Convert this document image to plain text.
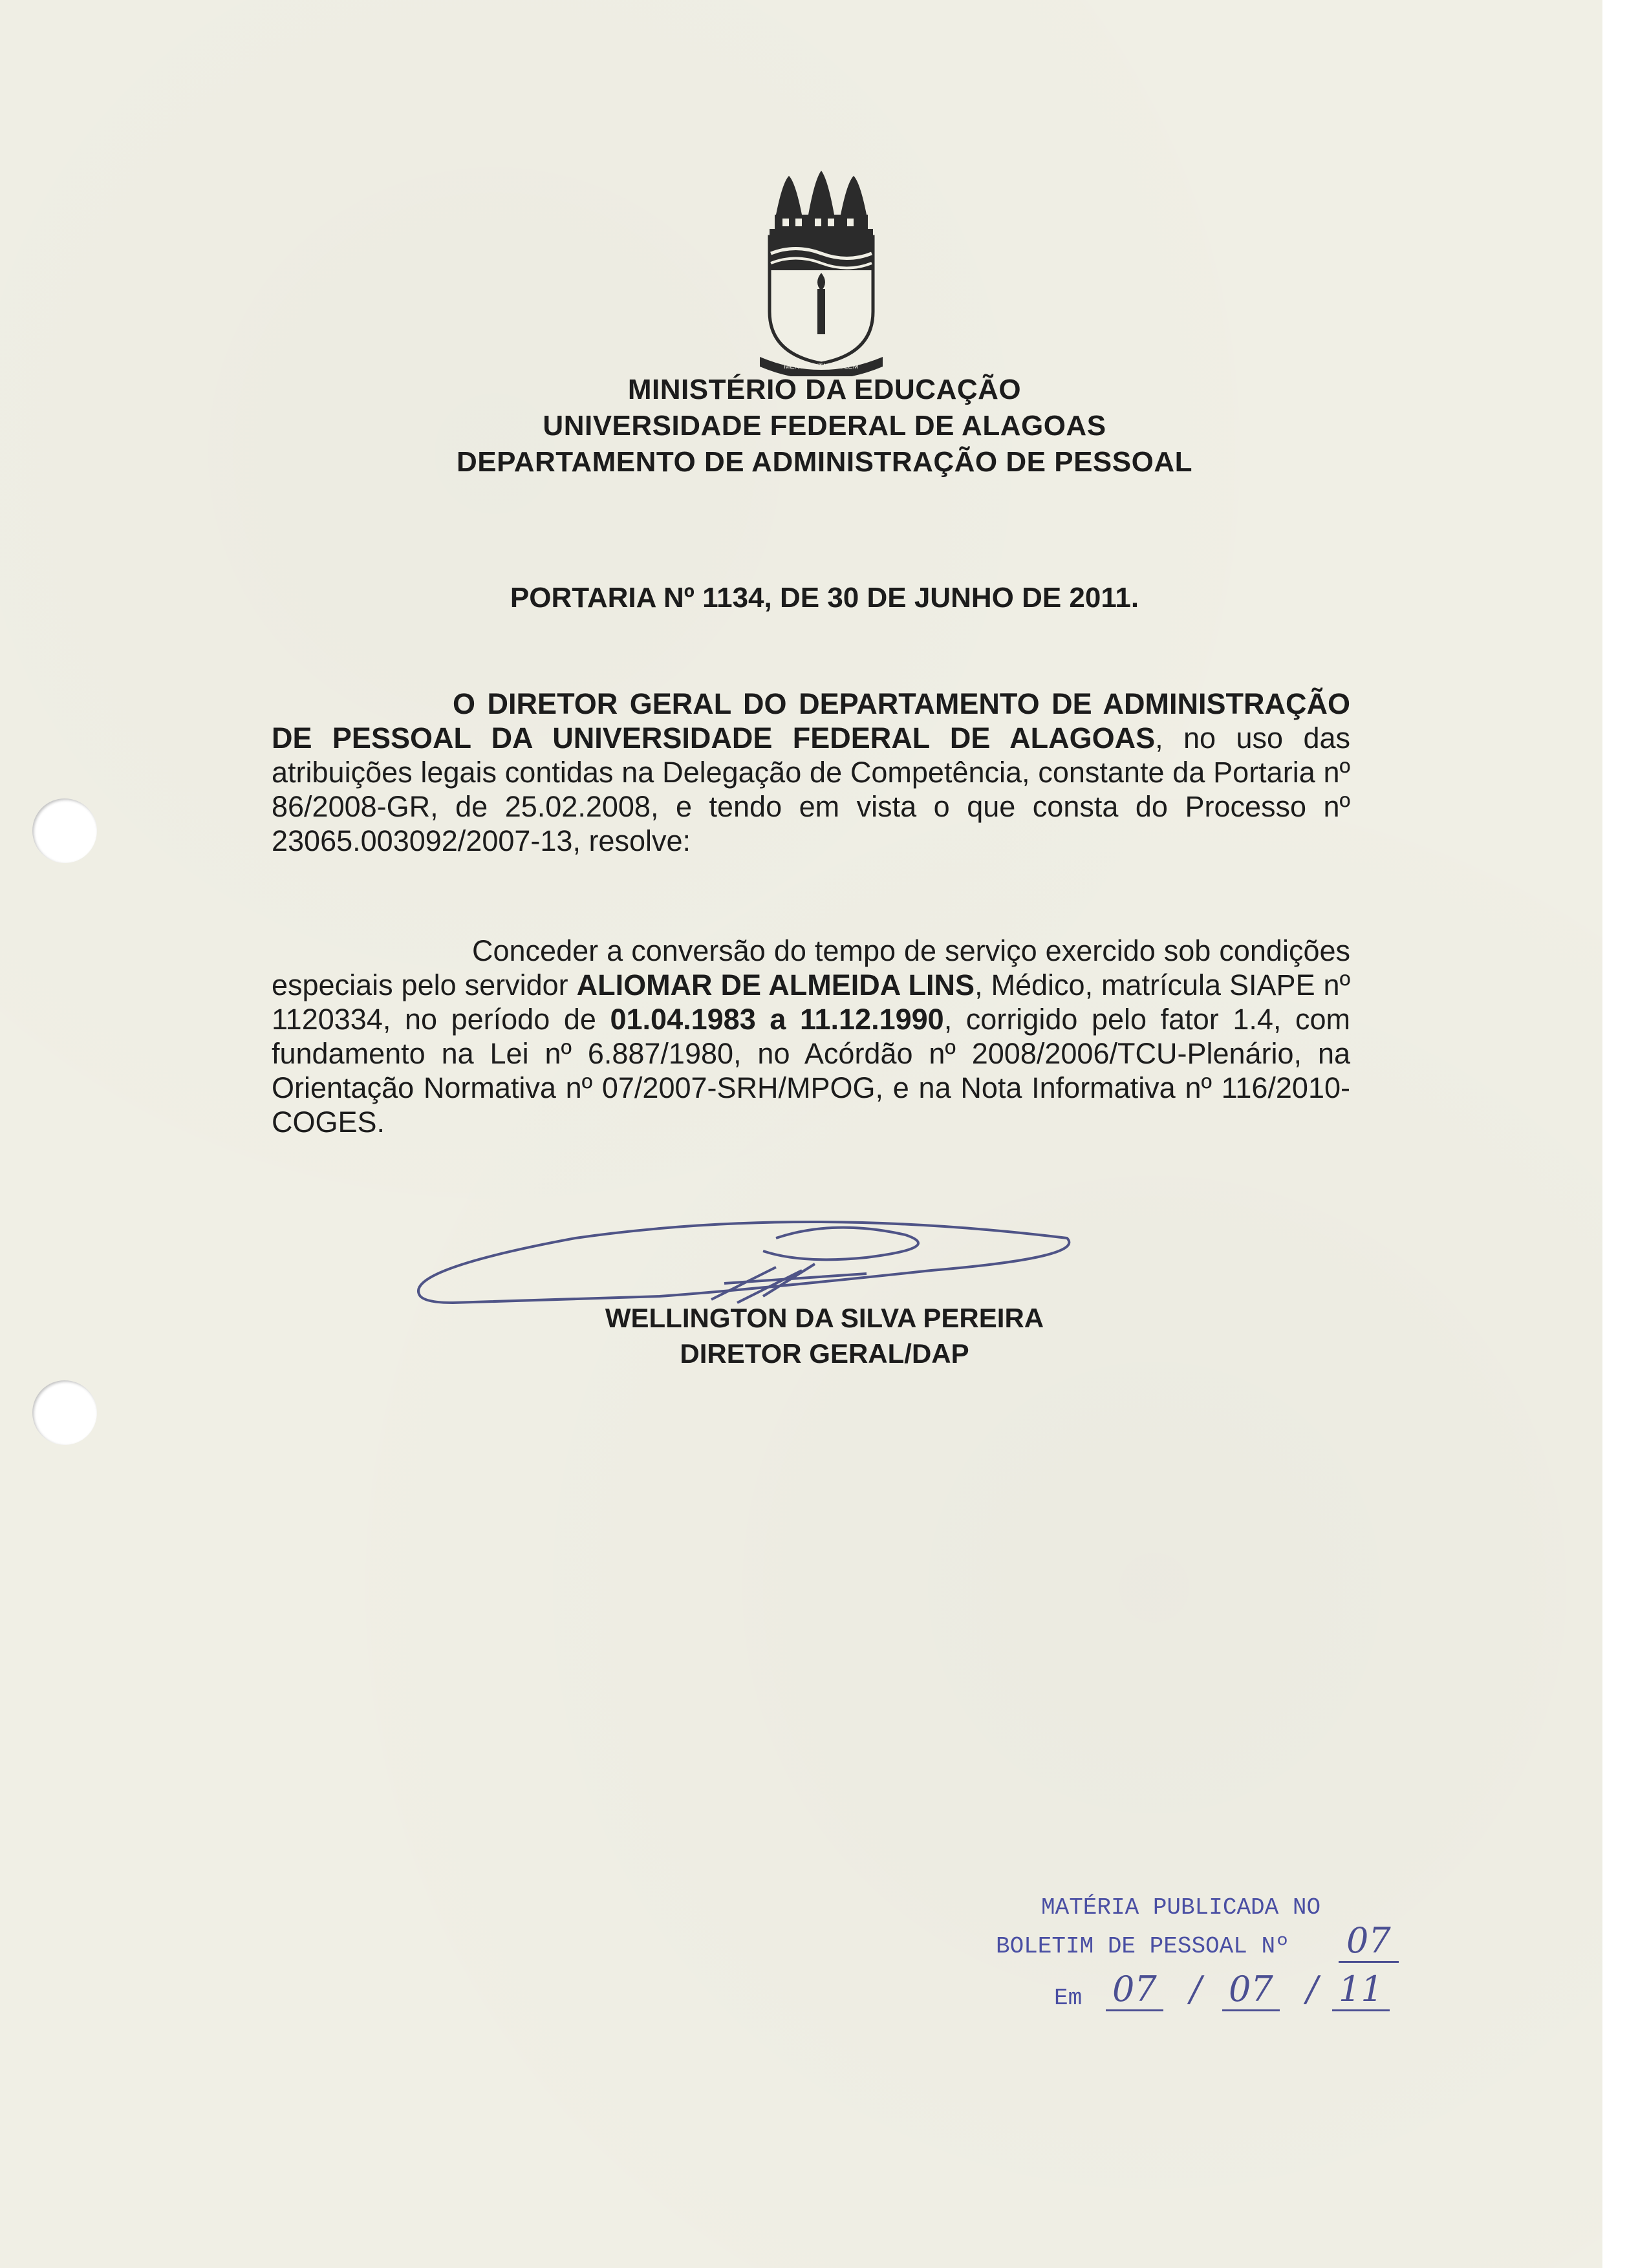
MENS AGITAT MOLEM
MINISTÉRIO DA EDUCAÇÃO
UNIVERSIDADE FEDERAL DE ALAGOAS
DEPARTAMENTO DE ADMINISTRAÇÃO DE PESSOAL
PORTARIA Nº 1134, DE 30 DE JUNHO DE 2011.
O DIRETOR GERAL DO DEPARTAMENTO DE ADMINISTRAÇÃO DE PESSOAL DA UNIVERSIDADE FEDERAL DE ALAGOAS, no uso das atribuições legais contidas na Delegação de Competência, constante da Portaria nº 86/2008-GR, de 25.02.2008, e tendo em vista o que consta do Processo nº 23065.003092/2007-13, resolve:
Conceder a conversão do tempo de serviço exercido sob condições especiais pelo servidor ALIOMAR DE ALMEIDA LINS, Médico, matrícula SIAPE nº 1120334, no período de 01.04.1983 a 11.12.1990, corrigido pelo fator 1.4, com fundamento na Lei nº 6.887/1980, no Acórdão nº 2008/2006/TCU-Plenário, na Orientação Normativa nº 07/2007-SRH/MPOG, e na Nota Informativa nº 116/2010-COGES.
WELLINGTON DA SILVA PEREIRA
DIRETOR GERAL/DAP
MATÉRIA PUBLICADA NO
BOLETIM DE PESSOAL Nº 07
Em 07 / 07 / 11
